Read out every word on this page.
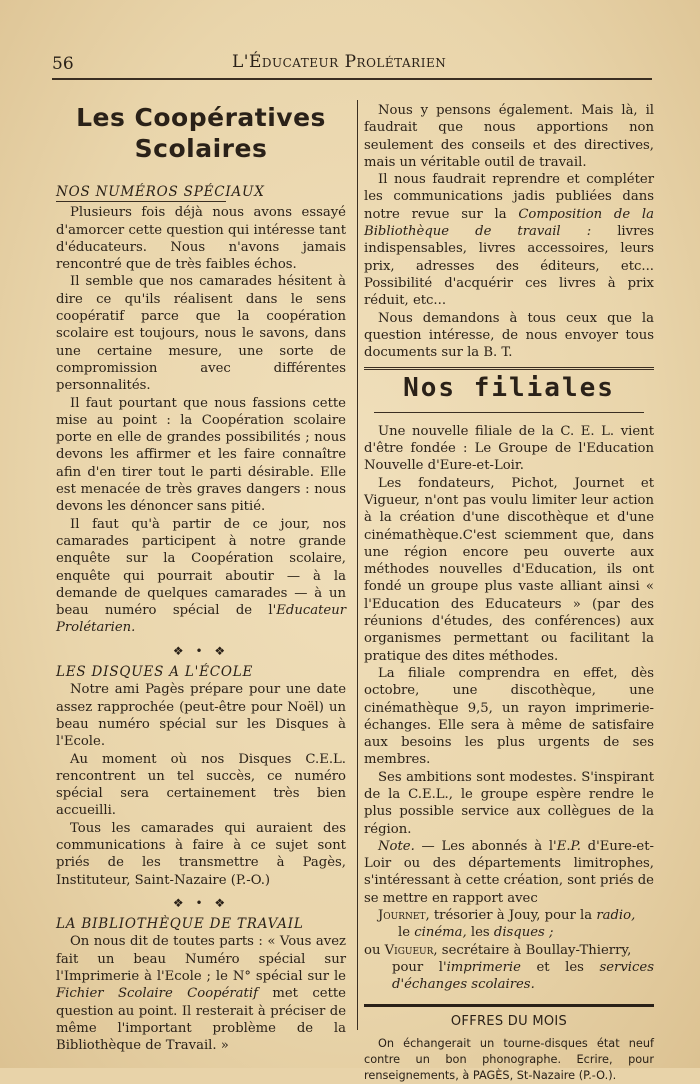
56	L'Éducateur Prolétarien
Les Coopératives Scolaires
NOS NUMÉROS SPÉCIAUX

Plusieurs fois déjà nous avons essayé d'amorcer cette question qui intéresse tant d'éducateurs. Nous n'avons jamais rencontré que de très faibles échos.

Il semble que nos camarades hésitent à dire ce qu'ils réalisent dans le sens coopératif parce que la coopération scolaire est toujours, nous le savons, dans une certaine mesure, une sorte de compromission avec différentes personnalités.

Il faut pourtant que nous fassions cette mise au point : la Coopération scolaire porte en elle de grandes possibilités ; nous devons les affirmer et les faire connaître afin d'en tirer tout le parti désirable. Elle est menacée de très graves dangers : nous devons les dénoncer sans pitié.

Il faut qu'à partir de ce jour, nos camarades participent à notre grande enquête sur la Coopération scolaire, enquête qui pourrait aboutir — à la demande de quelques camarades — à un beau numéro spécial de l'Educateur Prolétarien.

❖ • ❖
LES DISQUES A L'ÉCOLE

Notre ami Pagès prépare pour une date assez rapprochée (peut-être pour Noël) un beau numéro spécial sur les Disques à l'Ecole.

Au moment où nos Disques C.E.L. rencontrent un tel succès, ce numéro spécial sera certainement très bien accueilli.

Tous les camarades qui auraient des communications à faire à ce sujet sont priés de les transmettre à Pagès, Instituteur, Saint-Nazaire (P.-O.)

❖ • ❖
LA BIBLIOTHÈQUE DE TRAVAIL

On nous dit de toutes parts : « Vous avez fait un beau Numéro spécial sur l'Imprimerie à l'Ecole ; le N° spécial sur le Fichier Scolaire Coopératif met cette question au point. Il resterait à préciser de même l'important problème de la Bibliothèque de Travail. »

Nous y pensons également. Mais là, il faudrait que nous apportions non seulement des conseils et des directives, mais un véritable outil de travail.

Il nous faudrait reprendre et compléter les communications jadis publiées dans notre revue sur la Composition de la Bibliothèque de travail : livres indispensables, livres accessoires, leurs prix, adresses des éditeurs, etc... Possibilité d'acquérir ces livres à prix réduit, etc...

Nous demandons à tous ceux que la question intéresse, de nous envoyer tous documents sur la B. T.

Nos filiales

Une nouvelle filiale de la C. E. L. vient d'être fondée : Le Groupe de l'Education Nouvelle d'Eure-et-Loir.

Les fondateurs, Pichot, Journet et Vigueur, n'ont pas voulu limiter leur action à la création d'une discothèque et d'une cinémathèque.C'est sciemment que, dans une région encore peu ouverte aux méthodes nouvelles d'Education, ils ont fondé un groupe plus vaste alliant ainsi « l'Education des Educateurs » (par des réunions d'études, des conférences) aux organismes permettant ou facilitant la pratique des dites méthodes.

La filiale comprendra en effet, dès octobre, une discothèque, une cinémathèque 9,5, un rayon imprimerie-échanges. Elle sera à même de satisfaire aux besoins les plus urgents de ses membres.

Ses ambitions sont modestes. S'inspirant de la C.E.L., le groupe espère rendre le plus possible service aux collègues de la région.

Note. — Les abonnés à l'E.P. d'Eure-et-Loir ou des départements limitrophes, s'intéressant à cette création, sont priés de se mettre en rapport avec

Journet, trésorier à Jouy, pour la radio,

le cinéma, les disques ;

ou Vigueur, secrétaire à Boullay-Thierry,

pour l'imprimerie et les services d'échanges scolaires.

OFFRES DU MOIS
On échangerait un tourne-disques état neuf contre un bon phonographe. Ecrire, pour renseignements, à PAGÈS, St-Nazaire (P.-O.).
